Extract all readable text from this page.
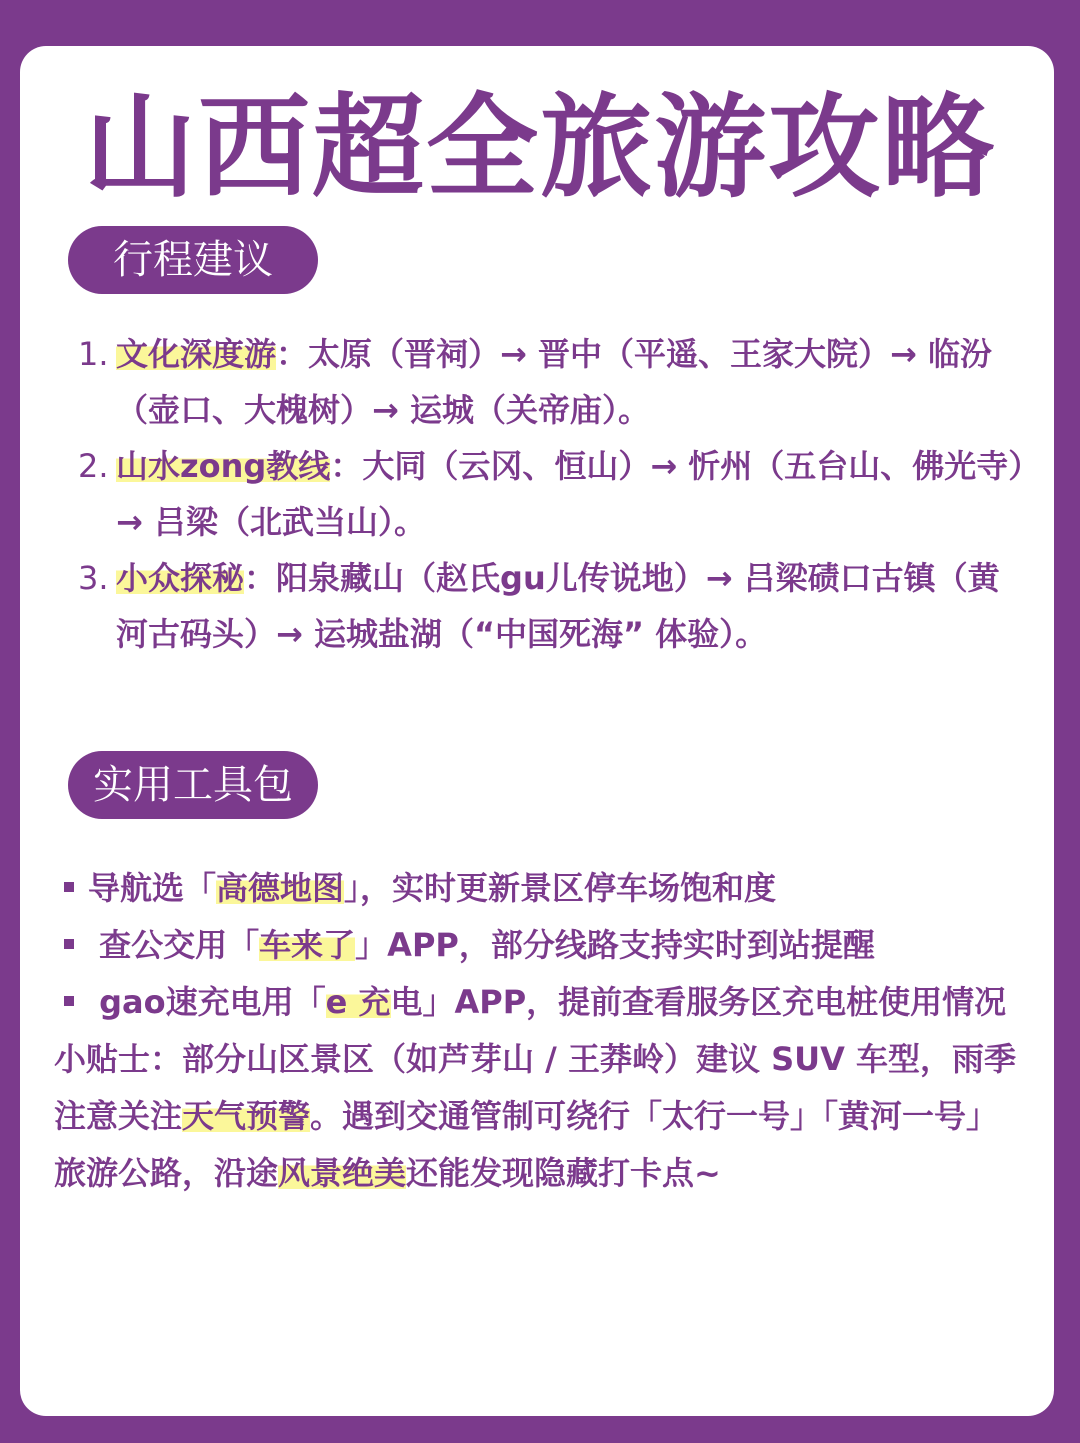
山西超全旅游攻略
行程建议
1. 文化深度游：太原（晋祠）→ 晋中（平遥、王家大院）→ 临汾（壶口、大槐树）→ 运城（关帝庙）。
2. 山水zong教线：大同（云冈、恒山）→ 忻州（五台山、佛光寺）→ 吕梁（北武当山）。
3. 小众探秘：阳泉藏山（赵氏gu儿传说地）→ 吕梁碛口古镇（黄河古码头）→ 运城盐湖（“中国死海” 体验）。
实用工具包
导航选「高德地图」，实时更新景区停车场饱和度
查公交用「车来了」APP，部分线路支持实时到站提醒
gao速充电用「e 充电」APP，提前查看服务区充电桩使用情况
小贴士：部分山区景区（如芦芽山 / 王莽岭）建议 SUV 车型，雨季注意关注天气预警。遇到交通管制可绕行「太行一号」「黄河一号」旅游公路，沿途风景绝美还能发现隐藏打卡点~
